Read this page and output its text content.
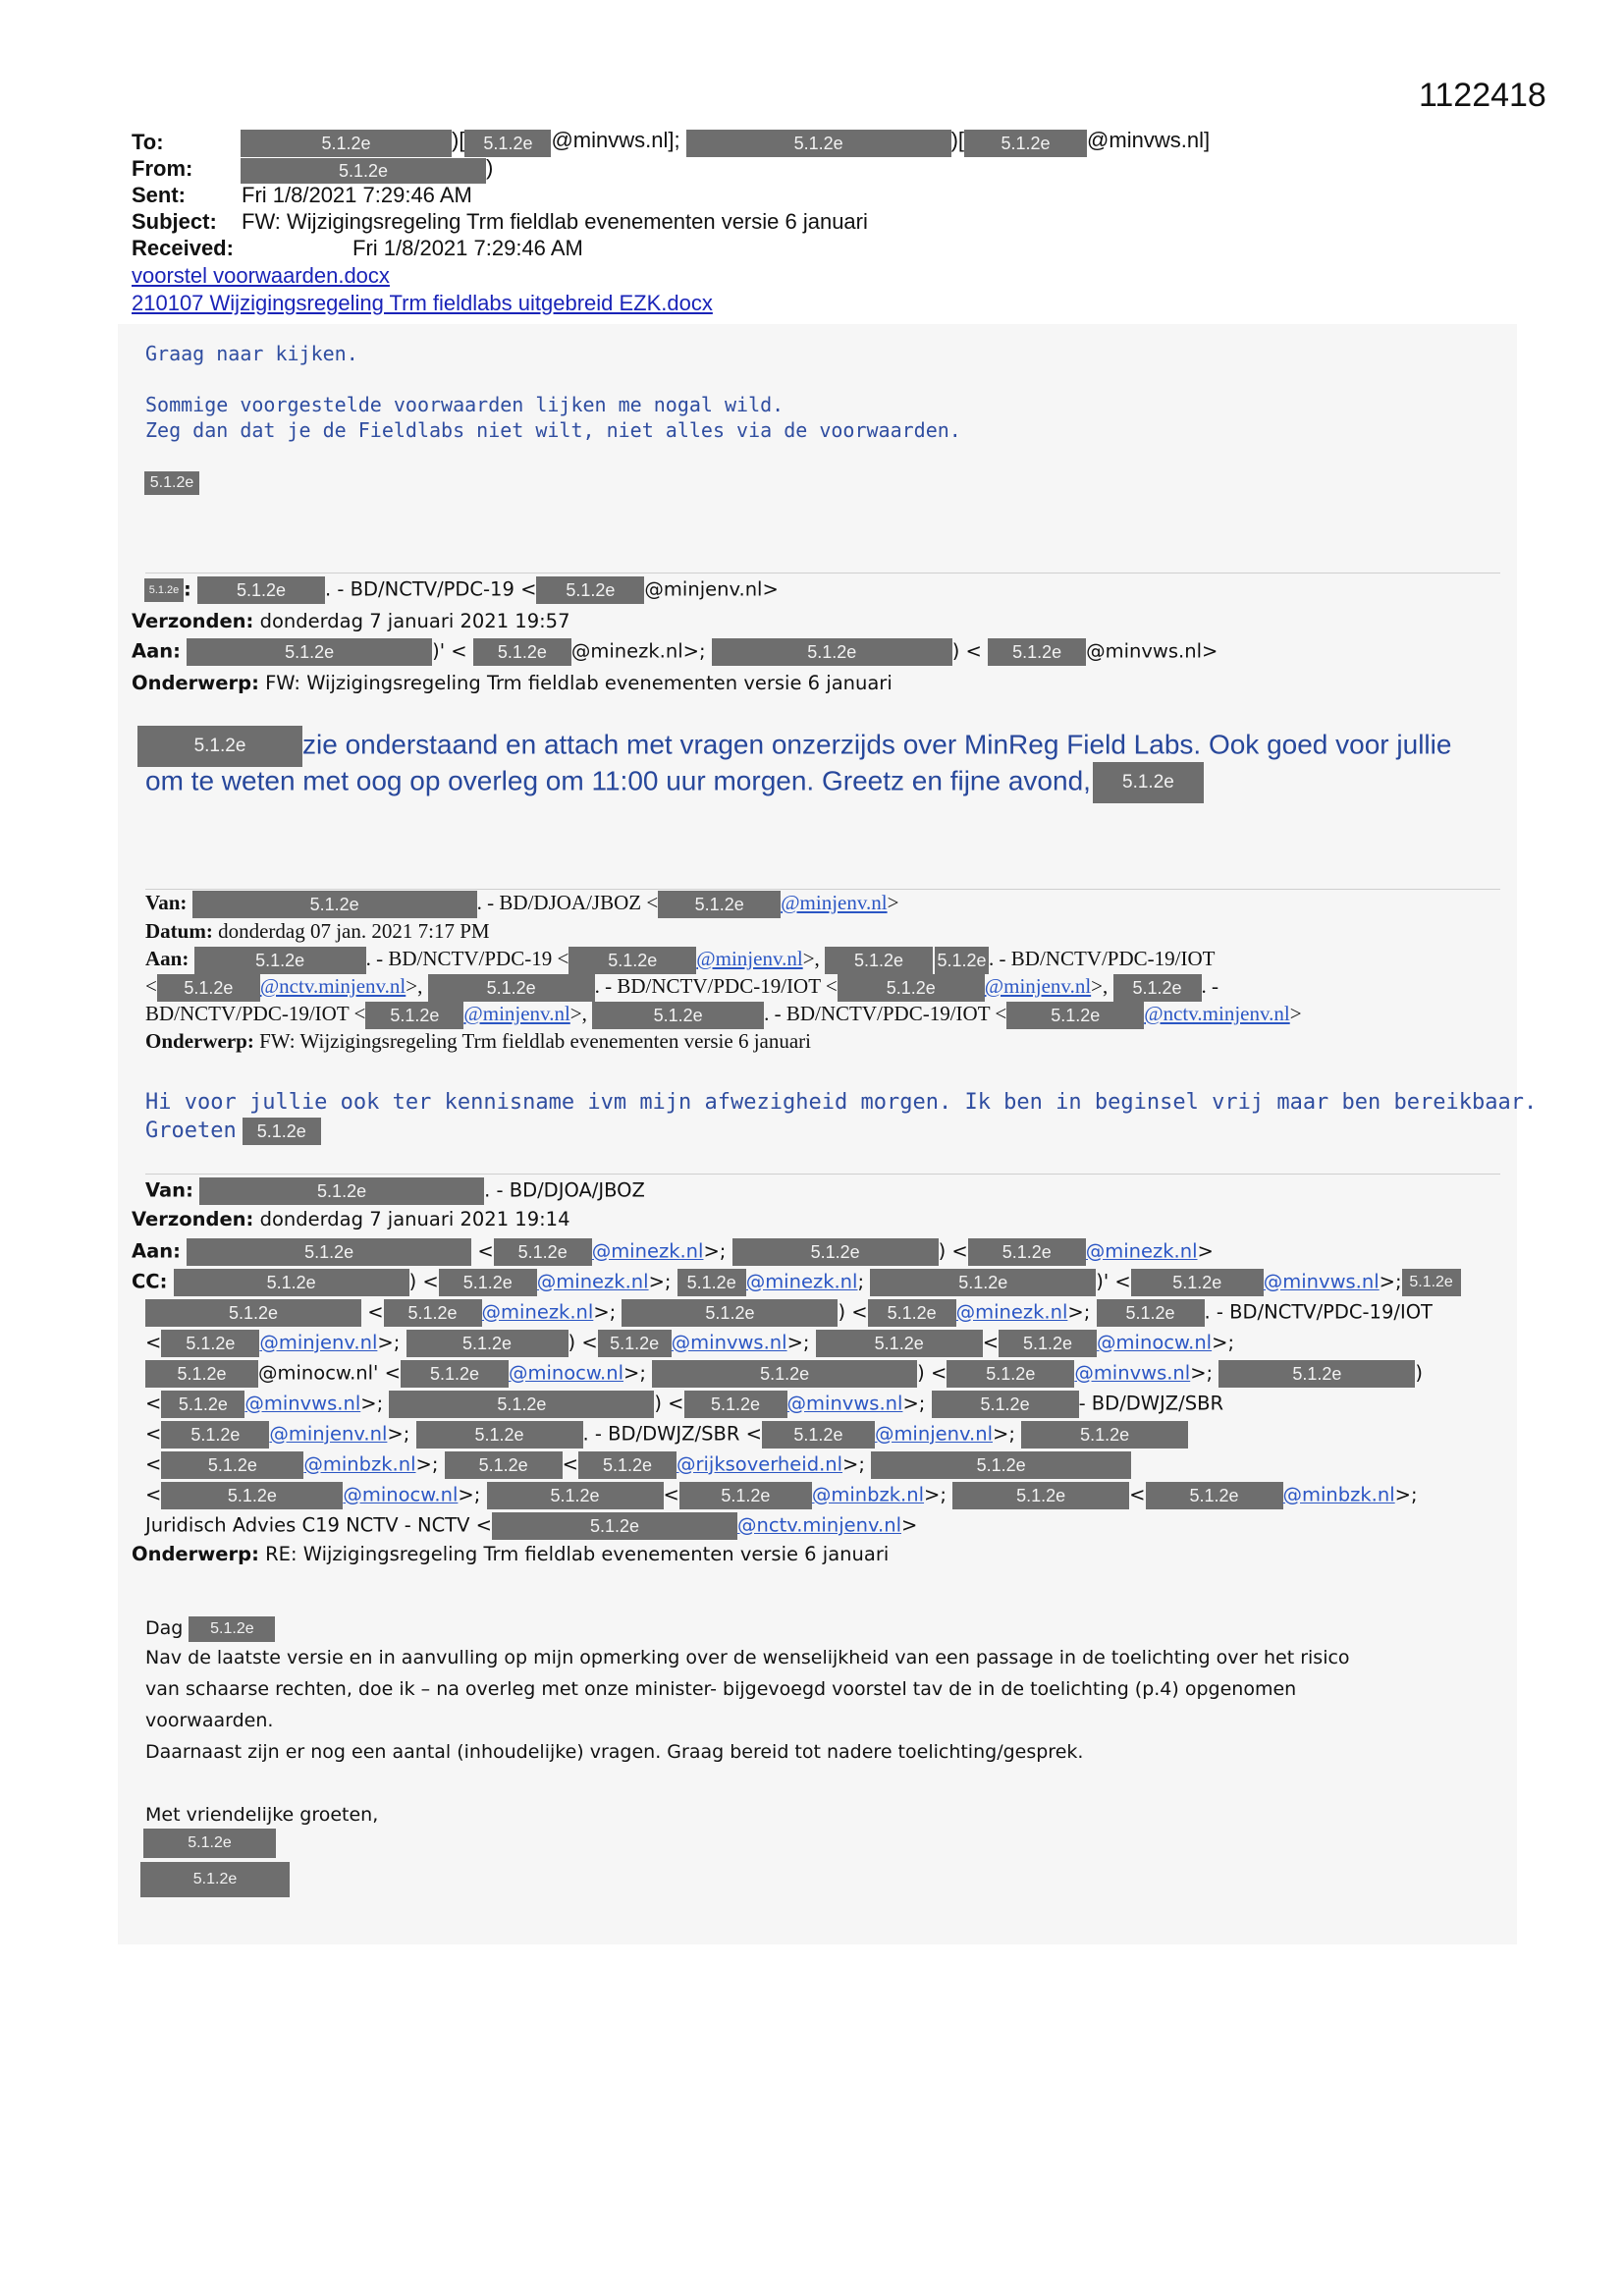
1122418
To:	5.1.2e	)[ 5.1.2e @minvws.nl];	5.1.2e	)[ 5.1.2e @minvws.nl]
From:	5.1.2e	)
Sent:	Fri 1/8/2021 7:29:46 AM
Subject: FW: Wijzigingsregeling Trm fieldlab evenementen versie 6 januari
Received:	Fri 1/8/2021 7:29:46 AM
voorstel voorwaarden.docx
210107 Wijzigingsregeling Trm fieldlabs uitgebreid EZK.docx
Graag naar kijken.
Sommige voorgestelde voorwaarden lijken me nogal wild.
Zeg dan dat je de Fieldlabs niet wilt, niet alles via de voorwaarden.
5.1.2e
5.1.2e :	5.1.2e . - BD/NCTV/PDC-19 < 5.1.2e @minjenv.nl>
Verzonden: donderdag 7 januari 2021 19:57
Aan:	5.1.2e	)' < 5.1.2e @minezk.nl>;	5.1.2e	) < 5.1.2e @minvws.nl>
Onderwerp: FW: Wijzigingsregeling Trm fieldlab evenementen versie 6 januari
5.1.2e zie onderstaand en attach met vragen onzerzijds over MinReg Field Labs. Ook goed voor jullie
om te weten met oog op overleg om 11:00 uur morgen. Greetz en fijne avond, 5.1.2e
Van:	5.1.2e	. - BD/DJOA/JBOZ < 5.1.2e @minjenv.nl>
Datum: donderdag 07 jan. 2021 7:17 PM
Aan:	5.1.2e	. - BD/NCTV/PDC-19 < 5.1.2e @minjenv.nl>, 5.1.2e 5.1.2e . - BD/NCTV/PDC-19/IOT
< 5.1.2e @nctv.minjenv.nl>,	5.1.2e	. - BD/NCTV/PDC-19/IOT <	5.1.2e @minjenv.nl>, 5.1.2e . -
BD/NCTV/PDC-19/IOT < 5.1.2e @minjenv.nl>,	5.1.2e	. - BD/NCTV/PDC-19/IOT < 5.1.2e @nctv.minjenv.nl>
Onderwerp: FW: Wijzigingsregeling Trm fieldlab evenementen versie 6 januari
Hi voor jullie ook ter kennisname ivm mijn afwezigheid morgen. Ik ben in beginsel vrij maar ben bereikbaar.
Groeten 5.1.2e
Van:	5.1.2e	. - BD/DJOA/JBOZ
Verzonden: donderdag 7 januari 2021 19:14
Aan:	5.1.2e	< 5.1.2e @minezk.nl>;	5.1.2e	) < 5.1.2e @minezk.nl>
CC:	5.1.2e	) < 5.1.2e @minezk.nl>; 5.1.2e @minezk.nl;	5.1.2e	)' < 5.1.2e @minvws.nl>; 5.1.2e
5.1.2e	< 5.1.2e @minezk.nl>;	5.1.2e	) < 5.1.2e @minezk.nl>; 5.1.2e . - BD/NCTV/PDC-19/IOT
< 5.1.2e @minjenv.nl>;	5.1.2e	) < 5.1.2e @minvws.nl>;	5.1.2e	< 5.1.2e @minocw.nl>;
5.1.2e @minocw.nl' < 5.1.2e @minocw.nl>;	5.1.2e	) < 5.1.2e @minvws.nl>;	5.1.2e	)
< 5.1.2e @minvws.nl>;	5.1.2e	) < 5.1.2e @minvws.nl>;	5.1.2e	- BD/DWJZ/SBR
< 5.1.2e @minjenv.nl>;	5.1.2e	. - BD/DWJZ/SBR < 5.1.2e @minjenv.nl>;	5.1.2e
<	5.1.2e @minbzk.nl>; 5.1.2e < 5.1.2e @rijksoverheid.nl>;	5.1.2e
<	5.1.2e	@minocw.nl>;	5.1.2e	< 5.1.2e @minbzk.nl>;	5.1.2e	< 5.1.2e @minbzk.nl>;
Juridisch Advies C19 NCTV - NCTV <	5.1.2e	@nctv.minjenv.nl>
Onderwerp: RE: Wijzigingsregeling Trm fieldlab evenementen versie 6 januari
Dag 5.1.2e
Nav de laatste versie en in aanvulling op mijn opmerking over de wenselijkheid van een passage in de toelichting over het risico
van schaarse rechten, doe ik – na overleg met onze minister- bijgevoegd voorstel tav de in de toelichting (p.4) opgenomen
voorwaarden.
Daarnaast zijn er nog een aantal (inhoudelijke) vragen. Graag bereid tot nadere toelichting/gesprek.
Met vriendelijke groeten,
5.1.2e
5.1.2e
